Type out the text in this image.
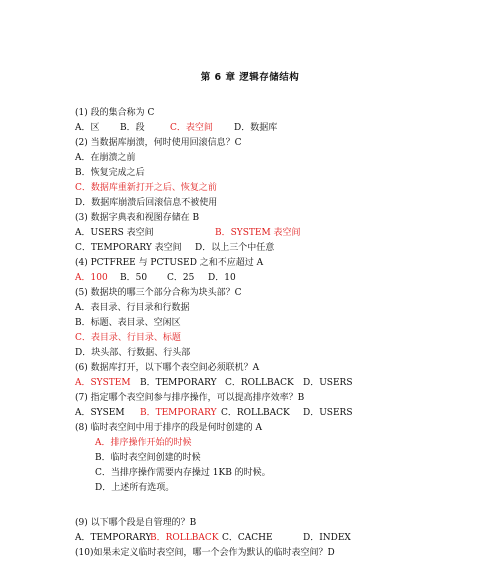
第 6 章 逻辑存储结构
(1) 段的集合称为 C
A．区 B．段	C．表空间 D．数据库
(2) 当数据库崩溃，何时使用回滚信息？C
A．在崩溃之前
B．恢复完成之后
C．数据库重新打开之后、恢复之前
D．数据库崩溃后回滚信息不被使用
(3) 数据字典表和视图存储在 B
A．USERS 表空间	B．SYSTEM 表空间
C．TEMPORARY 表空间 D．以上三个中任意
(4) PCTFREE 与 PCTUSED 之和不应超过 A
A．100 B．50 C．25 D．10
(5) 数据块的哪三个部分合称为块头部？C
A．表目录、行目录和行数据
B．标题、表目录、空闲区
C．表目录、行目录、标题
D．块头部、行数据、行头部
(6) 数据库打开，以下哪个表空间必须联机？A
A．SYSTEM B．TEMPORARY C．ROLLBACK D．USERS
(7) 指定哪个表空间参与排序操作，可以提高排序效率？B
A．SYSEM B．TEMPORARY C．ROLLBACK D．USERS
(8) 临时表空间中用于排序的段是何时创建的 A
A．排序操作开始的时候
B．临时表空间创建的时候
C．当排序操作需要内存操过 1KB 的时候。
D．上述所有选项。
(9) 以下哪个段是自管理的？B
A．TEMPORARY
B．ROLLBACK C．CACHE	D．INDEX
(10)如果未定义临时表空间，哪一个会作为默认的临时表空间？D
